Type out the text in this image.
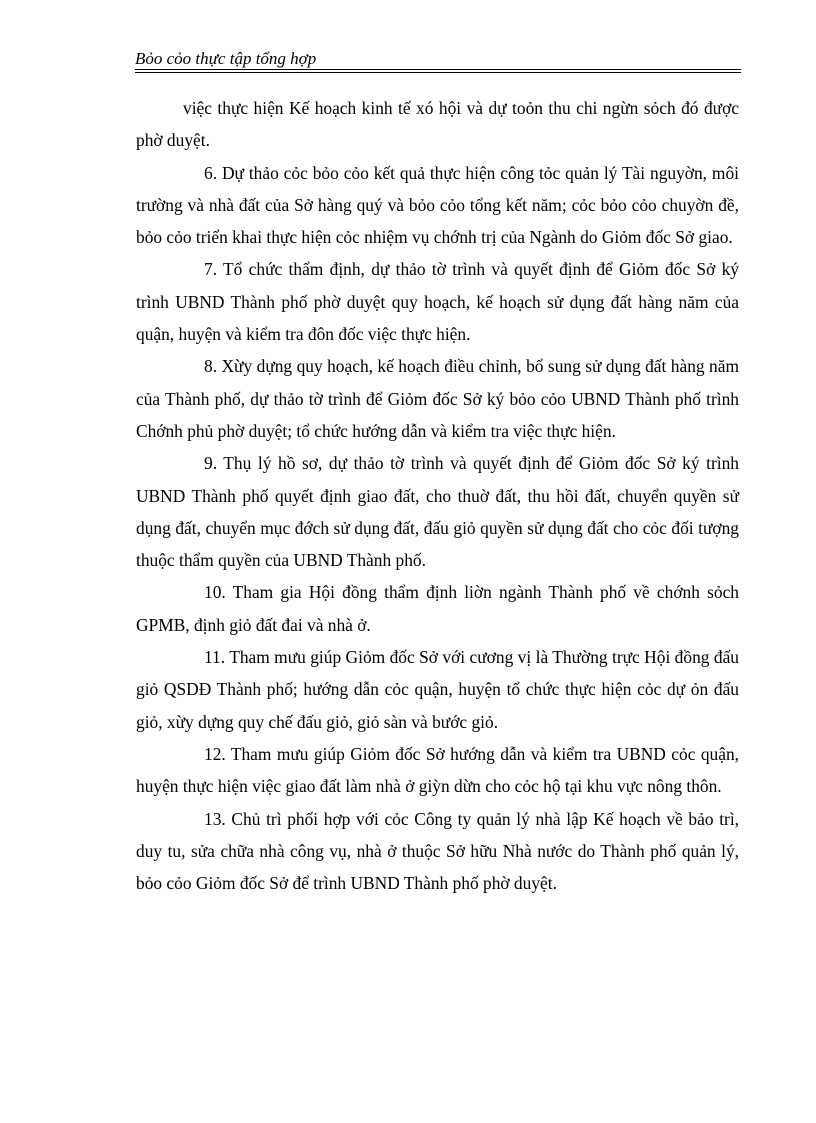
Bỏo cỏo thực tập tổng hợp

việc thực hiện Kế hoạch kinh tế xó hội và dự toỏn thu chi ngừn sỏch đó được phờ duyệt.

6. Dự thảo cỏc bỏo cỏo kết quả thực hiện công tỏc quản lý Tài nguyờn, môi trường và nhà đất của Sở hàng quý và bỏo cỏo tổng kết năm; cỏc bỏo cỏo chuyờn đề, bỏo cỏo triển khai thực hiện cỏc nhiệm vụ chớnh trị của Ngành do Giỏm đốc Sở giao.

7. Tổ chức thẩm định, dự thảo tờ trình và quyết định để Giỏm đốc Sở ký trình UBND Thành phố phờ duyệt quy hoạch, kế hoạch sử dụng đất hàng năm của quận, huyện và kiểm tra đôn đốc việc thực hiện.

8. Xừy dựng quy hoạch, kế hoạch điều chỉnh, bổ sung sử dụng đất hàng năm của Thành phố, dự thảo tờ trình để Giỏm đốc Sở ký bỏo cỏo UBND Thành phố trình Chớnh phủ phờ duyệt; tổ chức hướng dẫn và kiểm tra việc thực hiện.

9. Thụ lý hồ sơ, dự thảo tờ trình và quyết định để Giỏm đốc Sở ký trình UBND Thành phố quyết định giao đất, cho thuờ đất, thu hồi đất, chuyển quyền sử dụng đất, chuyển mục đớch sử dụng đất, đấu giỏ quyền sử dụng đất cho cỏc đối tượng thuộc thẩm quyền của UBND Thành phố.

10. Tham gia Hội đồng thẩm định liờn ngành Thành phố về chớnh sỏch GPMB, định giỏ đất đai và nhà ở.

11. Tham mưu giúp Giỏm đốc Sở với cương vị là Thường trực Hội đồng đấu giỏ QSDĐ Thành phố; hướng dẫn cỏc quận, huyện tổ chức thực hiện cỏc dự ỏn đấu giỏ, xừy dựng quy chế đấu giỏ, giỏ sàn và bước giỏ.

12. Tham mưu giúp Giỏm đốc Sở hướng dẫn và kiểm tra UBND cỏc quận, huyện thực hiện việc giao đất làm nhà ở giỳn dừn cho cỏc hộ tại khu vực nông thôn.

13. Chủ trì phối hợp với cỏc Công ty quản lý nhà lập Kế hoạch về bảo trì, duy tu, sửa chữa nhà công vụ, nhà ở thuộc Sở hữu Nhà nước do Thành phố quản lý, bỏo cỏo Giỏm đốc Sở để trình UBND Thành phố phờ duyệt.
